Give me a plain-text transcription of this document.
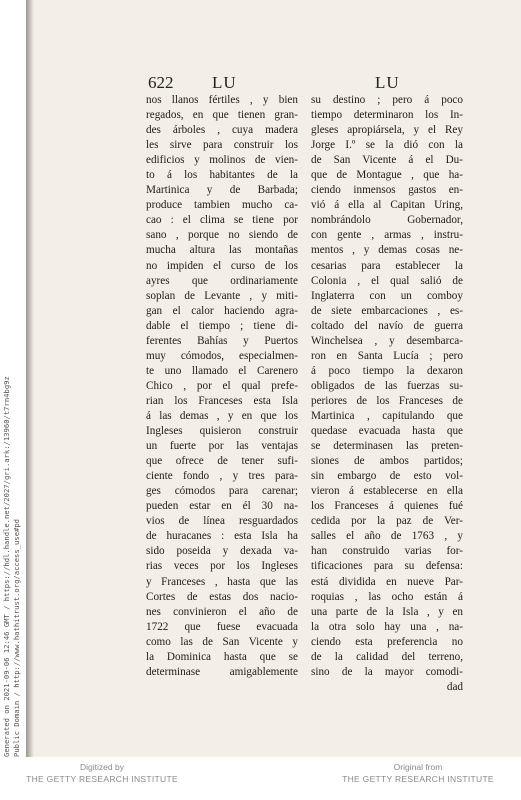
Generated on 2021-09-06 12:46 GMT / https://hdl.handle.net/2027/gri.ark:/13960/t7rn4bg9z Public Domain / http://www.hathitrust.org/access_use#pd
622 LU	LU
nos llanos fértiles , y bien
regados, en que tienen gran-
des árboles , cuya madera
les sirve para construir los
edificios y molinos de vien-
to á los habitantes de la
Martinica y de Barbada;
produce tambien mucho ca-
cao : el clima se tiene por
sano , porque no siendo de
mucha altura las montañas
no impiden el curso de los
ayres que ordinariamente
soplan de Levante , y miti-
gan el calor haciendo agra-
dable el tiempo ; tiene di-
ferentes Bahías y Puertos
muy cómodos, especialmen-
te uno llamado el Carenero
Chico , por el qual prefe-
rian los Franceses esta Isla
á las demas , y en que los
Ingleses quisieron construir
un fuerte por las ventajas
que ofrece de tener sufi-
ciente fondo , y tres para-
ges cómodos para carenar;
pueden estar en él 30 na-
vios de línea resguardados
de huracanes : esta Isla ha
sido poseida y dexada va-
rias veces por los Ingleses
y Franceses , hasta que las
Cortes de estas dos nacio-
nes convinieron el año de
1722 que fuese evacuada
como las de San Vicente y
la Dominica hasta que se
determinase amigablemente
su destino ; pero á poco
tiempo determinaron los In-
gleses apropiársela, y el Rey
Jorge I.º se la dió con la
de San Vicente á el Du-
que de Montague , que ha-
ciendo inmensos gastos en-
vió á ella al Capitan Uring,
nombrándolo Gobernador,
con gente , armas , instru-
mentos , y demas cosas ne-
cesarias para establecer la
Colonia , el qual salió de
Inglaterra con un comboy
de siete embarcaciones , es-
coltado del navío de guerra
Winchelsea , y desembarca-
ron en Santa Lucía ; pero
á poco tiempo la dexaron
obligados de las fuerzas su-
periores de los Franceses de
Martinica , capitulando que
quedase evacuada hasta que
se determinasen las preten-
siones de ambos partidos;
sin embargo de esto vol-
vieron á establecerse en ella
los Franceses á quienes fué
cedida por la paz de Ver-
salles el año de 1763 , y
han construido varias for-
tificaciones para su defensa:
está dividida en nueve Par-
roquias , las ocho están á
una parte de la Isla , y en
la otra solo hay una , na-
ciendo esta preferencia no
de la calidad del terreno,
sino de la mayor comodi-
dad
Digitized by
THE GETTY RESEARCH INSTITUTE
Original from
THE GETTY RESEARCH INSTITUTE
